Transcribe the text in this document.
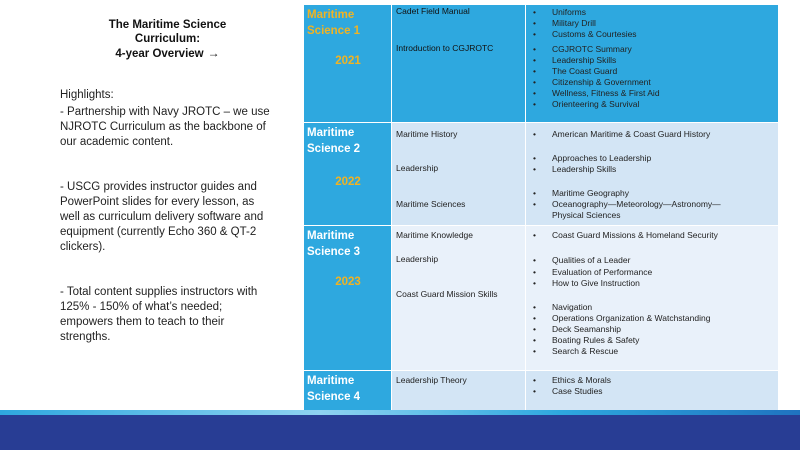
The Maritime Science
Curriculum:
4-year Overview →
Highlights:

- Partnership with Navy JROTC – we use NJROTC Curriculum as the backbone of our academic content.

- USCG provides instructor guides and PowerPoint slides for every lesson, as well as curriculum delivery software and equipment (currently Echo 360 & QT-2 clickers).

- Total content supplies instructors with 125% - 150% of what’s needed; empowers them to teach to their strengths.

Maritime Science 1
2021
Cadet Field Manual
Introduction to CGJROTC
• Uniforms
• Military Drill
• Customs & Courtesies
• CGJROTC Summary
• Leadership Skills
• The Coast Guard
• Citizenship & Government
• Wellness, Fitness & First Aid
• Orienteering & Survival
Maritime Science 2
2022
Maritime History
Leadership
Maritime Sciences
• American Maritime & Coast Guard History
• Approaches to Leadership
• Leadership Skills
• Maritime Geography
• Oceanography—Meteorology—Astronomy—
Physical Sciences
Maritime Science 3
2023
Maritime Knowledge
Leadership
Coast Guard Mission Skills
• Coast Guard Missions & Homeland Security
• Qualities of a Leader
• Evaluation of Performance
• How to Give Instruction
• Navigation
• Operations Organization & Watchstanding
• Deck Seamanship
• Boating Rules & Safety
• Search & Rescue
Maritime Science 4
Leadership Theory	• Ethics & Morals
• Case Studies
